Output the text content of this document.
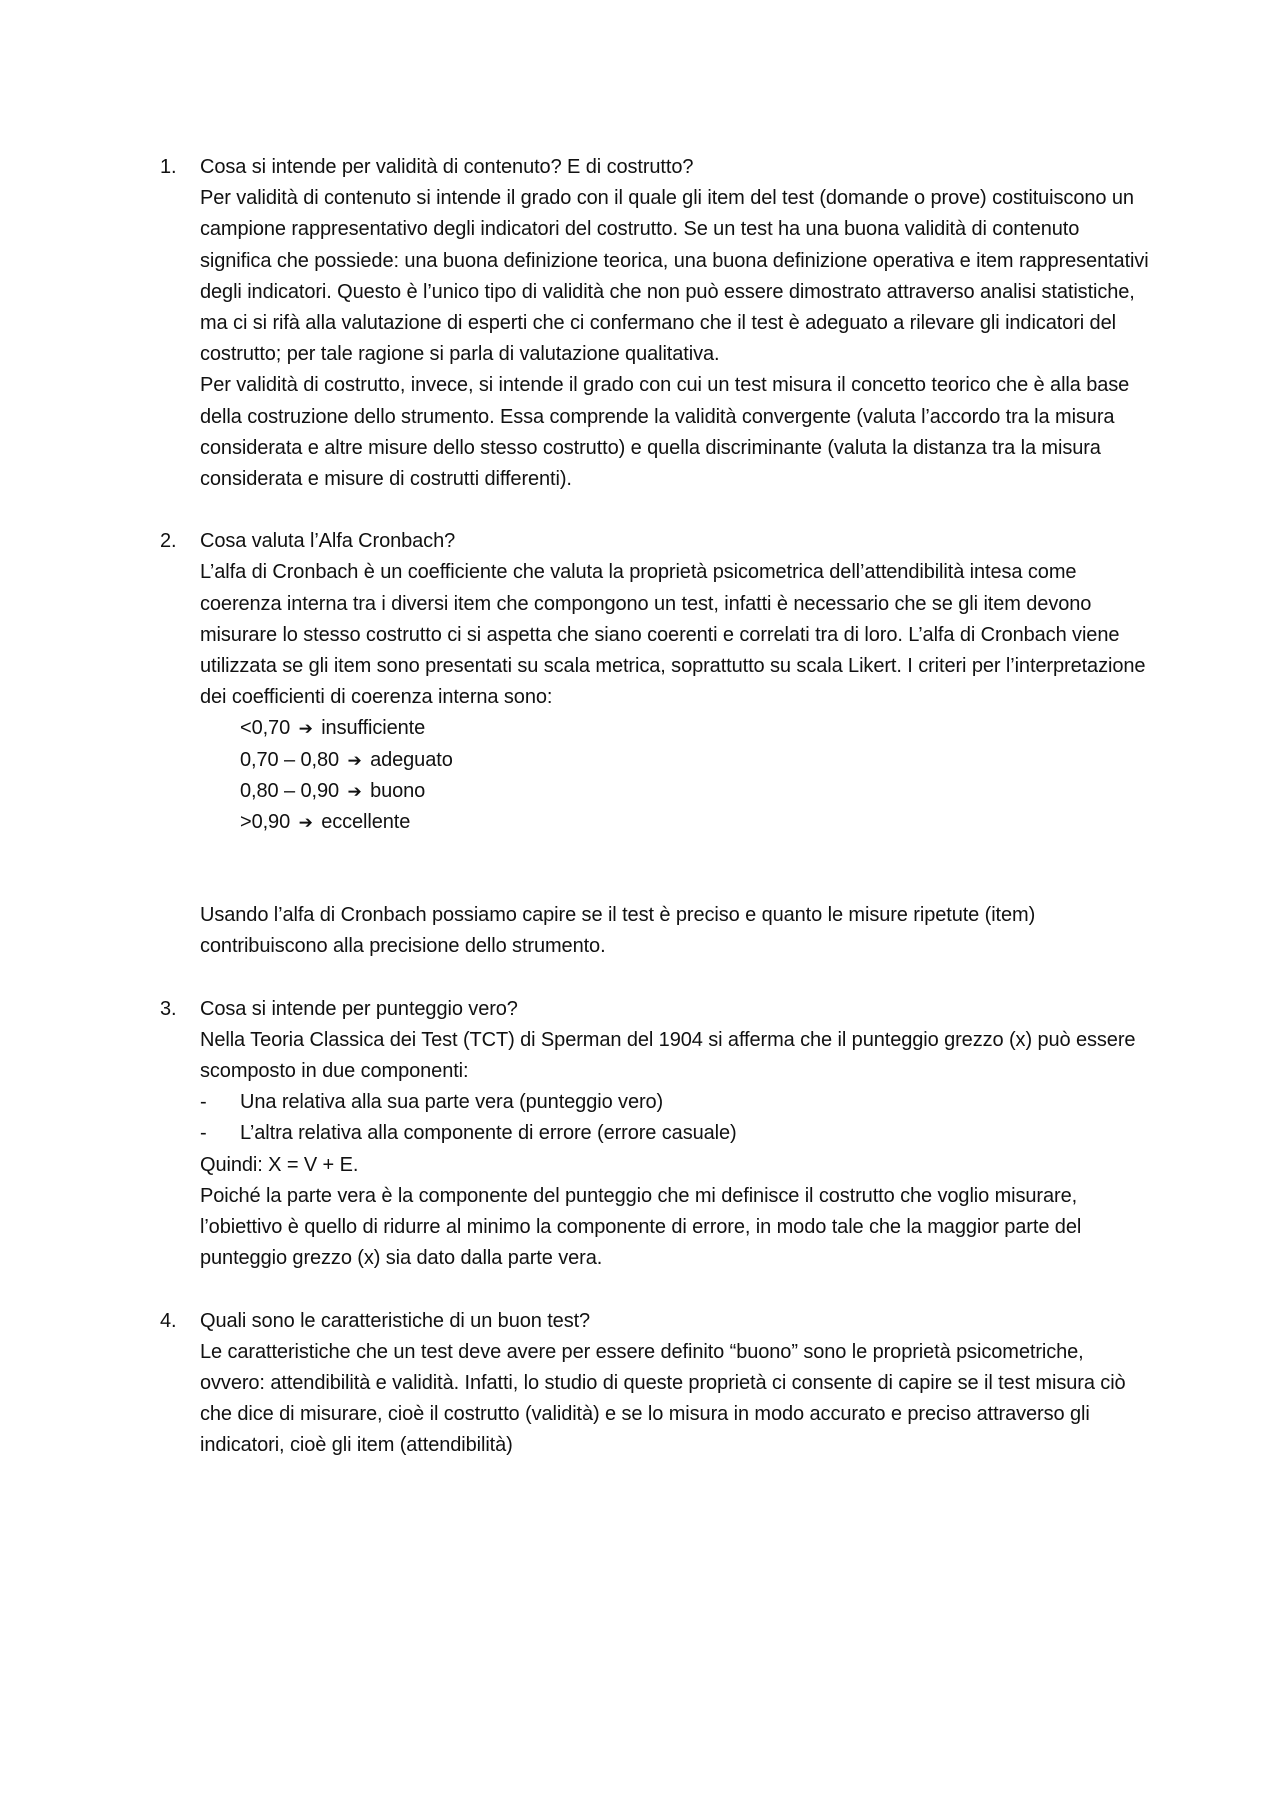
1.	Cosa si intende per validità di contenuto? E di costrutto?

Per validità di contenuto si intende il grado con il quale gli item del test (domande o prove) costituiscono un campione rappresentativo degli indicatori del costrutto. Se un test ha una buona validità di contenuto significa che possiede: una buona definizione teorica, una buona definizione operativa e item rappresentativi degli indicatori. Questo è l’unico tipo di validità che non può essere dimostrato attraverso analisi statistiche, ma ci si rifà alla valutazione di esperti che ci confermano che il test è adeguato a rilevare gli indicatori del costrutto; per tale ragione si parla di valutazione qualitativa.

Per validità di costrutto, invece, si intende il grado con cui un test misura il concetto teorico che è alla base della costruzione dello strumento. Essa comprende la validità convergente (valuta l’accordo tra la misura considerata e altre misure dello stesso costrutto) e quella discriminante (valuta la distanza tra la misura considerata e misure di costrutti differenti).

2.	Cosa valuta l’Alfa Cronbach?

L’alfa di Cronbach è un coefficiente che valuta la proprietà psicometrica dell’attendibilità intesa come coerenza interna tra i diversi item che compongono un test, infatti è necessario che se gli item devono misurare lo stesso costrutto ci si aspetta che siano coerenti e correlati tra di loro. L’alfa di Cronbach viene utilizzata se gli item sono presentati su scala metrica, soprattutto su scala Likert. I criteri per l’interpretazione dei coefficienti di coerenza interna sono:

<0,70 ➔ insufficiente

0,70 – 0,80 ➔ adeguato

0,80 – 0,90 ➔ buono

>0,90 ➔ eccellente

Usando l’alfa di Cronbach possiamo capire se il test è preciso e quanto le misure ripetute (item) contribuiscono alla precisione dello strumento.

3.	Cosa si intende per punteggio vero?

Nella Teoria Classica dei Test (TCT) di Sperman del 1904 si afferma che il punteggio grezzo (x) può essere scomposto in due componenti:

- Una relativa alla sua parte vera (punteggio vero)
- L’altra relativa alla componente di errore (errore casuale)

Quindi: X = V + E.

Poiché la parte vera è la componente del punteggio che mi definisce il costrutto che voglio misurare, l’obiettivo è quello di ridurre al minimo la componente di errore, in modo tale che la maggior parte del punteggio grezzo (x) sia dato dalla parte vera.

4.	Quali sono le caratteristiche di un buon test?

Le caratteristiche che un test deve avere per essere definito “buono” sono le proprietà psicometriche, ovvero: attendibilità e validità. Infatti, lo studio di queste proprietà ci consente di capire se il test misura ciò che dice di misurare, cioè il costrutto (validità) e se lo misura in modo accurato e preciso attraverso gli indicatori, cioè gli item (attendibilità)
